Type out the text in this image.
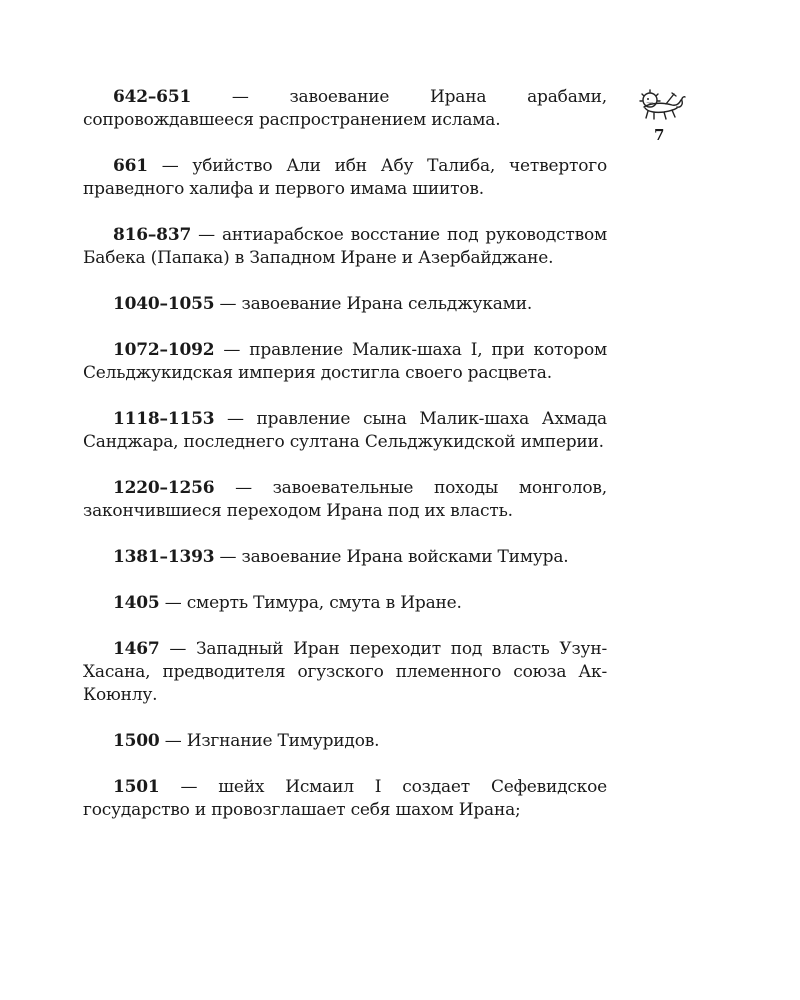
7

642–651 — завоевание Ирана арабами, сопровождавшееся распространением ислама.

661 — убийство Али ибн Абу Талиба, четвертого праведного халифа и первого имама шиитов.

816–837 — антиарабское восстание под руководством Бабека (Папака) в Западном Иране и Азербайджане.

1040–1055 — завоевание Ирана сельджуками.

1072–1092 — правление Малик-шаха I, при котором Сельджукидская империя достигла своего расцвета.

1118–1153 — правление сына Малик-шаха Ахмада Санджара, последнего султана Сельджукидской империи.

1220–1256 — завоевательные походы монголов, закончившиеся переходом Ирана под их власть.

1381–1393 — завоевание Ирана войсками Тимура.

1405 — смерть Тимура, смута в Иране.

1467 — Западный Иран переходит под власть Узун-Хасана, предводителя огузского племенного союза Ак-Коюнлу.

1500 — Изгнание Тимуридов.

1501 — шейх Исмаил I создает Сефевидское государство и провозглашает себя шахом Ирана;
